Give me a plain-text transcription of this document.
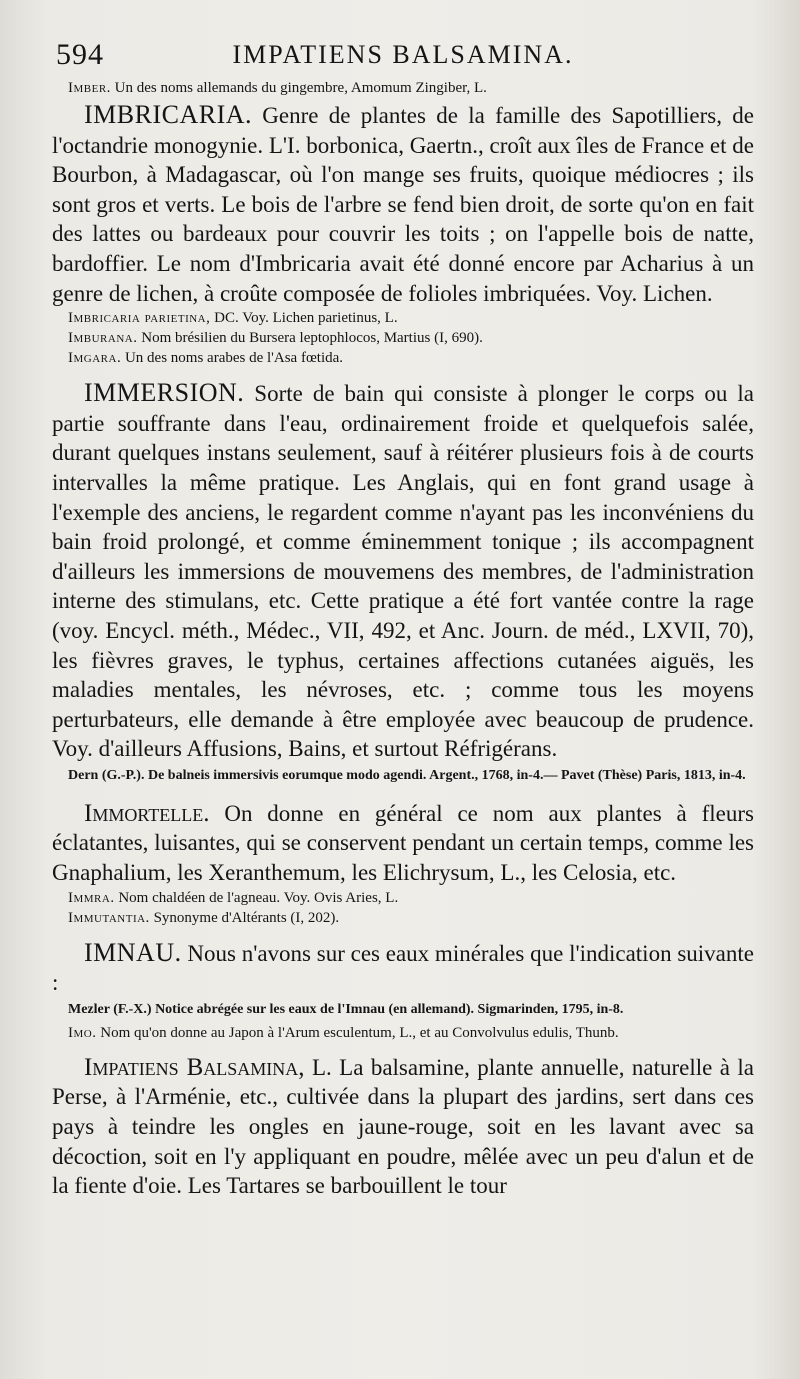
594	IMPATIENS BALSAMINA.

Imber. Un des noms allemands du gingembre, Amomum Zingiber, L.

IMBRICARIA. Genre de plantes de la famille des Sapotilliers, de l'octandrie monogynie. L'I. borbonica, Gaertn., croît aux îles de France et de Bourbon, à Madagascar, où l'on mange ses fruits, quoique médiocres ; ils sont gros et verts. Le bois de l'arbre se fend bien droit, de sorte qu'on en fait des lattes ou bardeaux pour couvrir les toits ; on l'appelle bois de natte, bardoffier. Le nom d'Imbricaria avait été donné encore par Acharius à un genre de lichen, à croûte composée de folioles imbriquées. Voy. Lichen.

Imbricaria parietina, DC. Voy. Lichen parietinus, L.

Imburana. Nom brésilien du Bursera leptophlocos, Martius (I, 690).

Imgara. Un des noms arabes de l'Asa fœtida.

IMMERSION. Sorte de bain qui consiste à plonger le corps ou la partie souffrante dans l'eau, ordinairement froide et quelquefois salée, durant quelques instans seulement, sauf à réitérer plusieurs fois à de courts intervalles la même pratique. Les Anglais, qui en font grand usage à l'exemple des anciens, le regardent comme n'ayant pas les inconvéniens du bain froid prolongé, et comme éminemment tonique ; ils accompagnent d'ailleurs les immersions de mouvemens des membres, de l'administration interne des stimulans, etc. Cette pratique a été fort vantée contre la rage (voy. Encycl. méth., Médec., VII, 492, et Anc. Journ. de méd., LXVII, 70), les fièvres graves, le typhus, certaines affections cutanées aiguës, les maladies mentales, les névroses, etc. ; comme tous les moyens perturbateurs, elle demande à être employée avec beaucoup de prudence. Voy. d'ailleurs Affusions, Bains, et surtout Réfrigérans.

Dern (G.-P.). De balneis immersivis eorumque modo agendi. Argent., 1768, in-4.— Pavet (Thèse) Paris, 1813, in-4.

Immortelle. On donne en général ce nom aux plantes à fleurs éclatantes, luisantes, qui se conservent pendant un certain temps, comme les Gnaphalium, les Xeranthemum, les Elichrysum, L., les Celosia, etc.

Immra. Nom chaldéen de l'agneau. Voy. Ovis Aries, L.

Immutantia. Synonyme d'Altérants (I, 202).

IMNAU. Nous n'avons sur ces eaux minérales que l'indication suivante :

Mezler (F.-X.) Notice abrégée sur les eaux de l'Imnau (en allemand). Sigmarinden, 1795, in-8.

Imo. Nom qu'on donne au Japon à l'Arum esculentum, L., et au Convolvulus edulis, Thunb.

Impatiens Balsamina, L. La balsamine, plante annuelle, naturelle à la Perse, à l'Arménie, etc., cultivée dans la plupart des jardins, sert dans ces pays à teindre les ongles en jaune-rouge, soit en les lavant avec sa décoction, soit en l'y appliquant en poudre, mêlée avec un peu d'alun et de la fiente d'oie. Les Tartares se barbouillent le tour
